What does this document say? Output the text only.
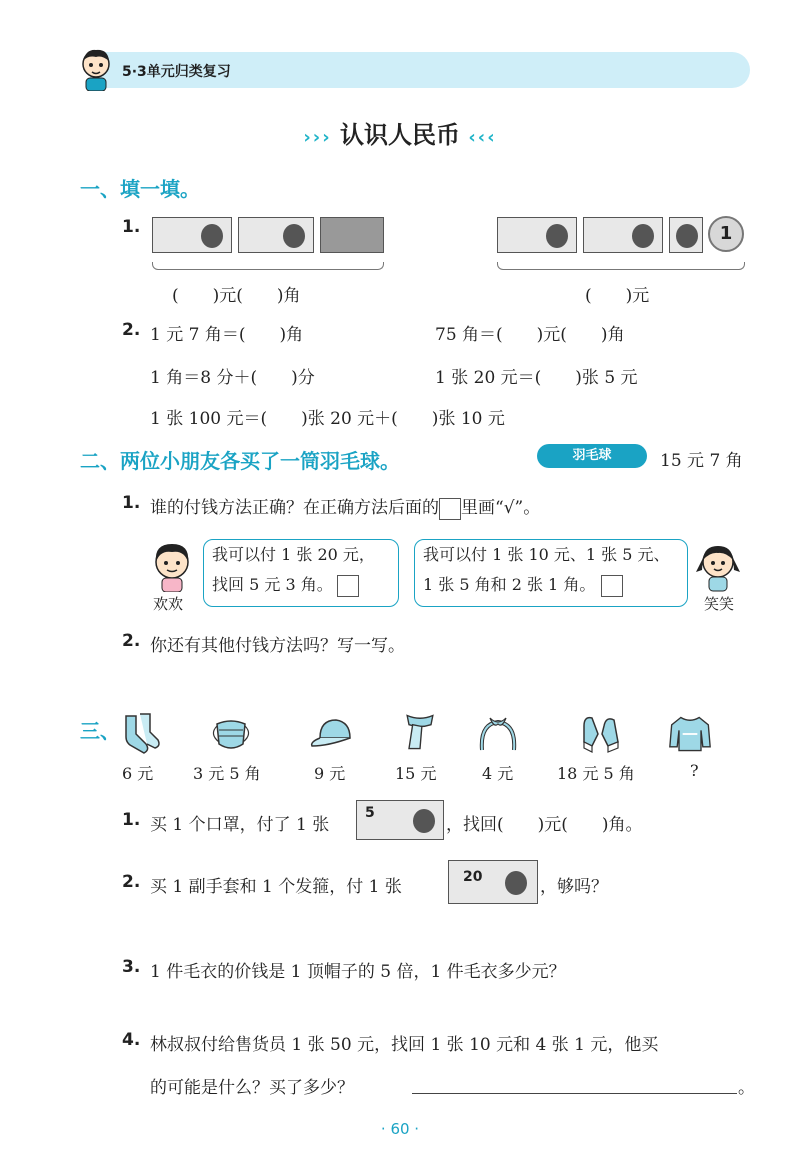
5·3单元归类复习
››› 认识人民币 ‹‹‹
一、填一填。
1.
(　　)元(　　)角
1
(　　)元
2. 1 元 7 角＝(　　)角	75 角＝(　　)元(　　)角
1 角＝8 分＋(　　)分	1 张 20 元＝(　　)张 5 元
1 张 100 元＝(　　)张 20 元＋(　　)张 10 元
二、两位小朋友各买了一筒羽毛球。	羽毛球	15 元 7 角
1. 谁的付钱方法正确？在正确方法后面的 里画“√”。
欢欢
我可以付 1 张 20 元，
找回 5 元 3 角。
我可以付 1 张 10 元、1 张 5 元、
1 张 5 角和 2 张 1 角。
笑笑
2. 你还有其他付钱方法吗？写一写。
三、
6 元 3 元 5 角	9 元	15 元	4 元	18 元 5 角	?
1. 买 1 个口罩，付了 1 张
5
，找回(　　)元(　　)角。
2. 买 1 副手套和 1 个发箍，付 1 张	20	，够吗？
3. 1 件毛衣的价钱是 1 顶帽子的 5 倍，1 件毛衣多少元？
4. 林叔叔付给售货员 1 张 50 元，找回 1 张 10 元和 4 张 1 元，他买
的可能是什么？买了多少？	。
· 60 ·
